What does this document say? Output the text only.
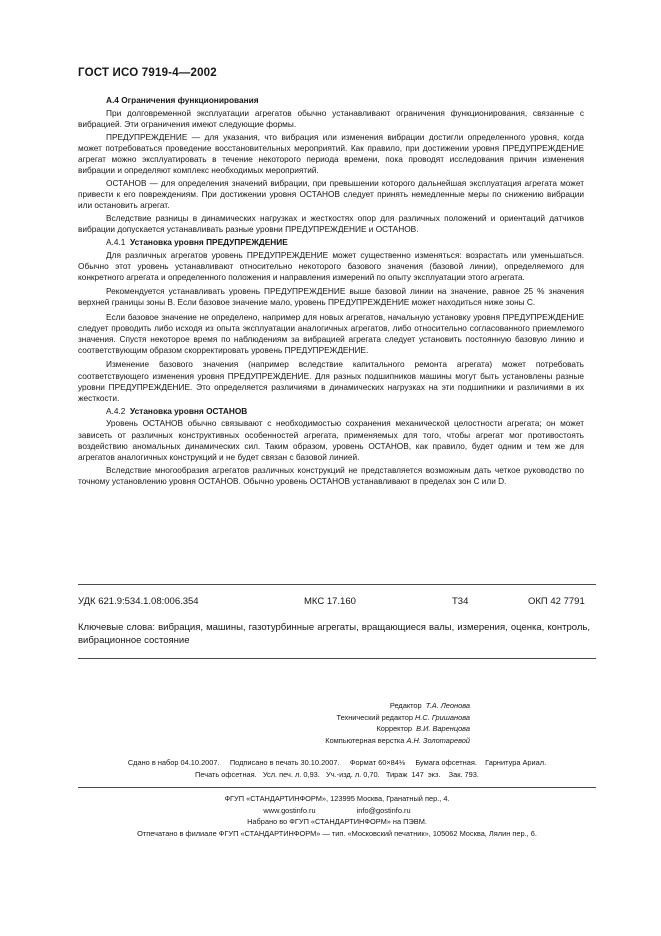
ГОСТ ИСО 7919-4—2002

А.4 Ограничения функционирования

При долговременной эксплуатации агрегатов обычно устанавливают ограничения функционирования, связанные с вибрацией. Эти ограничения имеют следующие формы.

ПРЕДУПРЕЖДЕНИЕ — для указания, что вибрация или изменения вибрации достигли определенного уровня, когда может потребоваться проведение восстановительных мероприятий. Как правило, при достижении уровня ПРЕДУПРЕЖДЕНИЕ агрегат можно эксплуатировать в течение некоторого периода времени, пока проводят исследования причин изменения вибрации и определяют комплекс необходимых мероприятий.

ОСТАНОВ — для определения значений вибрации, при превышении которого дальнейшая эксплуатация агрегата может привести к его повреждениям. При достижении уровня ОСТАНОВ следует принять немедленные меры по снижению вибрации или остановить агрегат.

Вследствие разницы в динамических нагрузках и жесткостях опор для различных положений и ориентаций датчиков вибрации допускается устанавливать разные уровни ПРЕДУПРЕЖДЕНИЕ и ОСТАНОВ.

А.4.1 Установка уровня ПРЕДУПРЕЖДЕНИЕ

Для различных агрегатов уровень ПРЕДУПРЕЖДЕНИЕ может существенно изменяться: возрастать или уменьшаться. Обычно этот уровень устанавливают относительно некоторого базового значения (базовой линии), определяемого для конкретного агрегата и определенного положения и направления измерений по опыту эксплуатации этого агрегата.

Рекомендуется устанавливать уровень ПРЕДУПРЕЖДЕНИЕ выше базовой линии на значение, равное 25 % значения верхней границы зоны В. Если базовое значение мало, уровень ПРЕДУПРЕЖДЕНИЕ может находиться ниже зоны С.

Если базовое значение не определено, например для новых агрегатов, начальную установку уровня ПРЕДУПРЕЖДЕНИЕ следует проводить либо исходя из опыта эксплуатации аналогичных агрегатов, либо относительно согласованного приемлемого значения. Спустя некоторое время по наблюдениям за вибрацией агрегата следует установить постоянную базовую линию и соответствующим образом скорректировать уровень ПРЕДУПРЕЖДЕНИЕ.

Изменение базового значения (например вследствие капитального ремонта агрегата) может потребовать соответствующего изменения уровня ПРЕДУПРЕЖДЕНИЕ. Для разных подшипников машины могут быть установлены разные уровни ПРЕДУПРЕЖДЕНИЕ. Это определяется различиями в динамических нагрузках на эти подшипники и различиями в их жесткости.

А.4.2 Установка уровня ОСТАНОВ

Уровень ОСТАНОВ обычно связывают с необходимостью сохранения механической целостности агрегата; он может зависеть от различных конструктивных особенностей агрегата, применяемых для того, чтобы агрегат мог противостоять воздействию аномальных динамических сил. Таким образом, уровень ОСТАНОВ, как правило, будет одним и тем же для агрегатов аналогичных конструкций и не будет связан с базовой линией.

Вследствие многообразия агрегатов различных конструкций не представляется возможным дать четкое руководство по точному установлению уровня ОСТАНОВ. Обычно уровень ОСТАНОВ устанавливают в пределах зон С или D.

УДК 621.9:534.1.08:006.354	МКС 17.160	Т34	ОКП 42 7791

Ключевые слова: вибрация, машины, газотурбинные агрегаты, вращающиеся валы, измерения, оценка, контроль, вибрационное состояние

Редактор Т.А. Леонова
Технический редактор Н.С. Гришанова
Корректор В.И. Варенцова
Компьютерная верстка А.Н. Золотаревой
Сдано в набор 04.10.2007.     Подписано в печать 30.10.2007.     Формат 60×84⅛     Бумага офсетная.    Гарнитура Ариал.
Печать офсетная.   Усл. печ. л. 0,93.   Уч.-изд. л. 0,70.   Тираж  147  экз.    Зак. 793.
ФГУП «СТАНДАРТИНФОРМ», 123995 Москва, Гранатный пер., 4.
www.gostinfo.ru                    info@gostinfo.ru
Набрано во ФГУП «СТАНДАРТИНФОРМ» на ПЭВМ.
Отпечатано в филиале ФГУП «СТАНДАРТИНФОРМ» — тип. «Московский печатник», 105062 Москва, Лялин пер., 6.
